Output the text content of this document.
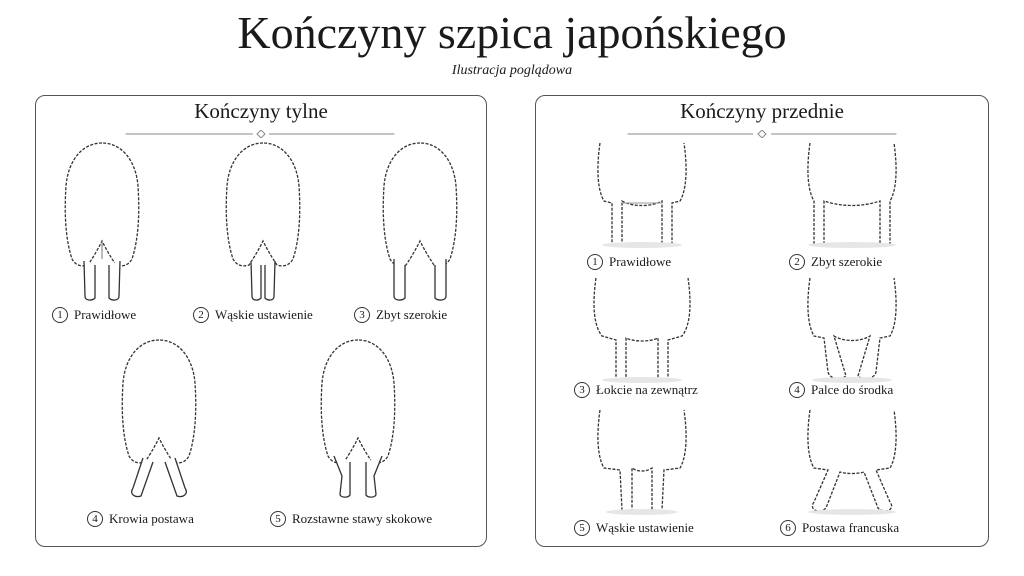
Kończyny szpica japońskiego
Ilustracja poglądowa
Kończyny tylne
1 Prawidłowe	2 Wąskie ustawienie	3 Zbyt szerokie
4 Krowia postawa	5 Rozstawne stawy skokowe
Kończyny przednie
1 Prawidłowe	2 Zbyt szerokie
3 Łokcie na zewnątrz	4 Palce do środka
5 Wąskie ustawienie	6 Postawa francuska
